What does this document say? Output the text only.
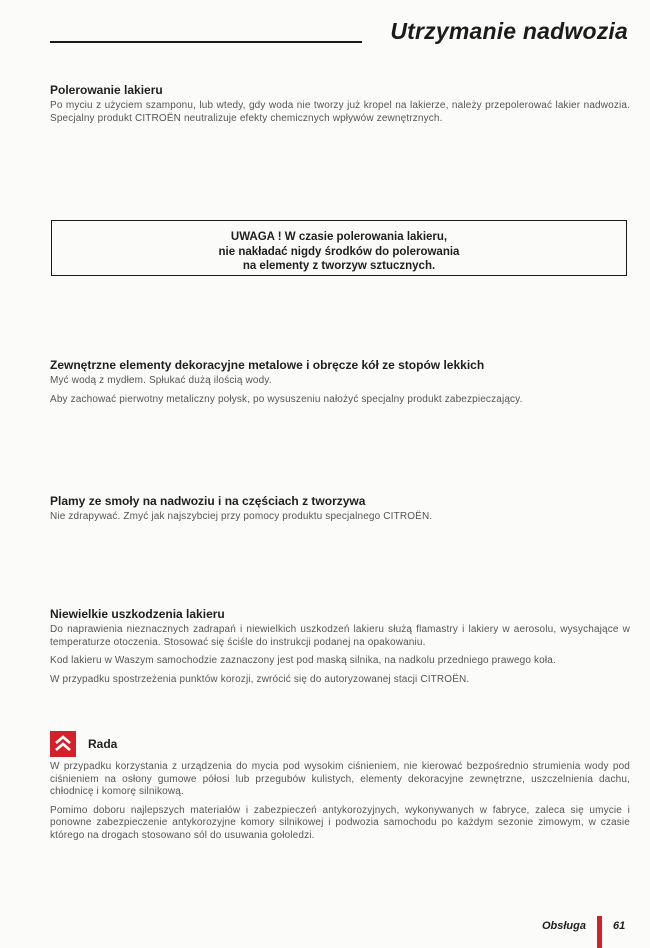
Utrzymanie nadwozia
Polerowanie lakieru

Po myciu z użyciem szamponu, lub wtedy, gdy woda nie tworzy już kropel na lakierze, należy przepolerować lakier nadwozia. Specjalny produkt CITROËN neutralizuje efekty chemicznych wpływów zewnętrznych.

UWAGA ! W czasie polerowania lakieru,
nie nakładać nigdy środków do polerowania
na elementy z tworzyw sztucznych.
Zewnętrzne elementy dekoracyjne metalowe i obręcze kół ze stopów lekkich

Myć wodą z mydłem. Spłukać dużą ilością wody.

Aby zachować pierwotny metaliczny połysk, po wysuszeniu nałożyć specjalny produkt zabezpieczający.

Plamy ze smoły na nadwoziu i na częściach z tworzywa

Nie zdrapywać. Zmyć jak najszybciej przy pomocy produktu specjalnego CITROËN.

Niewielkie uszkodzenia lakieru

Do naprawienia nieznacznych zadrapań i niewielkich uszkodzeń lakieru służą flamastry i lakiery w aerosolu, wysychające w temperaturze otoczenia. Stosować się ściśle do instrukcji podanej na opakowaniu.

Kod lakieru w Waszym samochodzie zaznaczony jest pod maską silnika, na nadkolu przedniego prawego koła.

W przypadku spostrzeżenia punktów korozji, zwrócić się do autoryzowanej stacji CITROËN.

Rada

W przypadku korzystania z urządzenia do mycia pod wysokim ciśnieniem, nie kierować bezpośrednio strumienia wody pod ciśnieniem na osłony gumowe półosi lub przegubów kulistych, elementy dekoracyjne zewnętrzne, uszczelnienia dachu, chłodnicę i komorę silnikową.

Pomimo doboru najlepszych materiałów i zabezpieczeń antykorozyjnych, wykonywanych w fabryce, zaleca się umycie i ponowne zabezpieczenie antykorozyjne komory silnikowej i podwozia samochodu po każdym sezonie zimowym, w czasie którego na drogach stosowano sól do usuwania gołoledzi.

Obsługa 61
